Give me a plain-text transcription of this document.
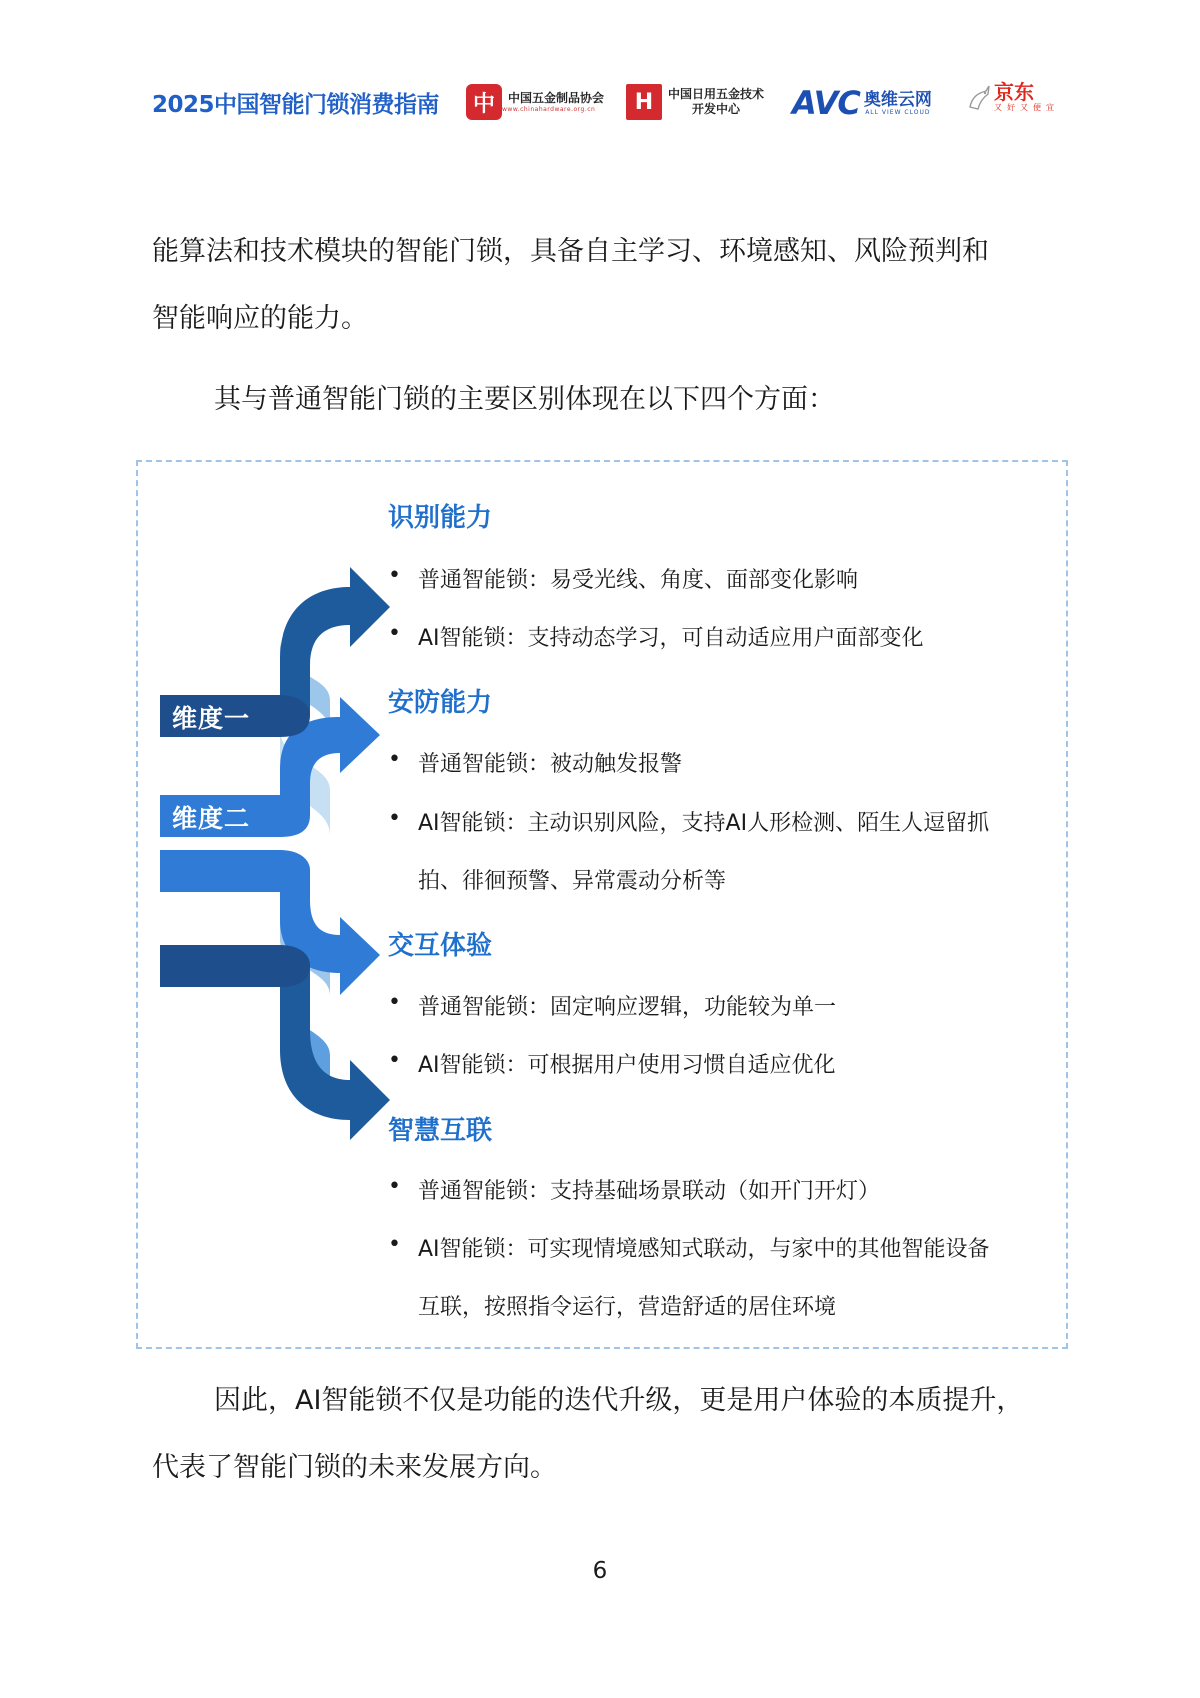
2025中国智能门锁消费指南	中	中国五金制品协会
www.chinahardware.org.cn	H	中国日用五金技术
开发中心	AVC 奥维云网
ALL VIEW CLOUD
京东
又好又便宜
能算法和技术模块的智能门锁，具备自主学习、环境感知、风险预判和
智能响应的能力。
其与普通智能门锁的主要区别体现在以下四个方面：
维度一
维度二
维度三
维度四
识别能力
• 普通智能锁：易受光线、角度、面部变化影响
• AI智能锁：支持动态学习，可自动适应用户面部变化
安防能力
• 普通智能锁：被动触发报警
• AI智能锁：主动识别风险，支持AI人形检测、陌生人逗留抓
拍、徘徊预警、异常震动分析等
交互体验
• 普通智能锁：固定响应逻辑，功能较为单一
• AI智能锁：可根据用户使用习惯自适应优化
智慧互联
• 普通智能锁：支持基础场景联动（如开门开灯）
• AI智能锁：可实现情境感知式联动，与家中的其他智能设备
互联，按照指令运行，营造舒适的居住环境
因此，AI智能锁不仅是功能的迭代升级，更是用户体验的本质提升，
代表了智能门锁的未来发展方向。
6
